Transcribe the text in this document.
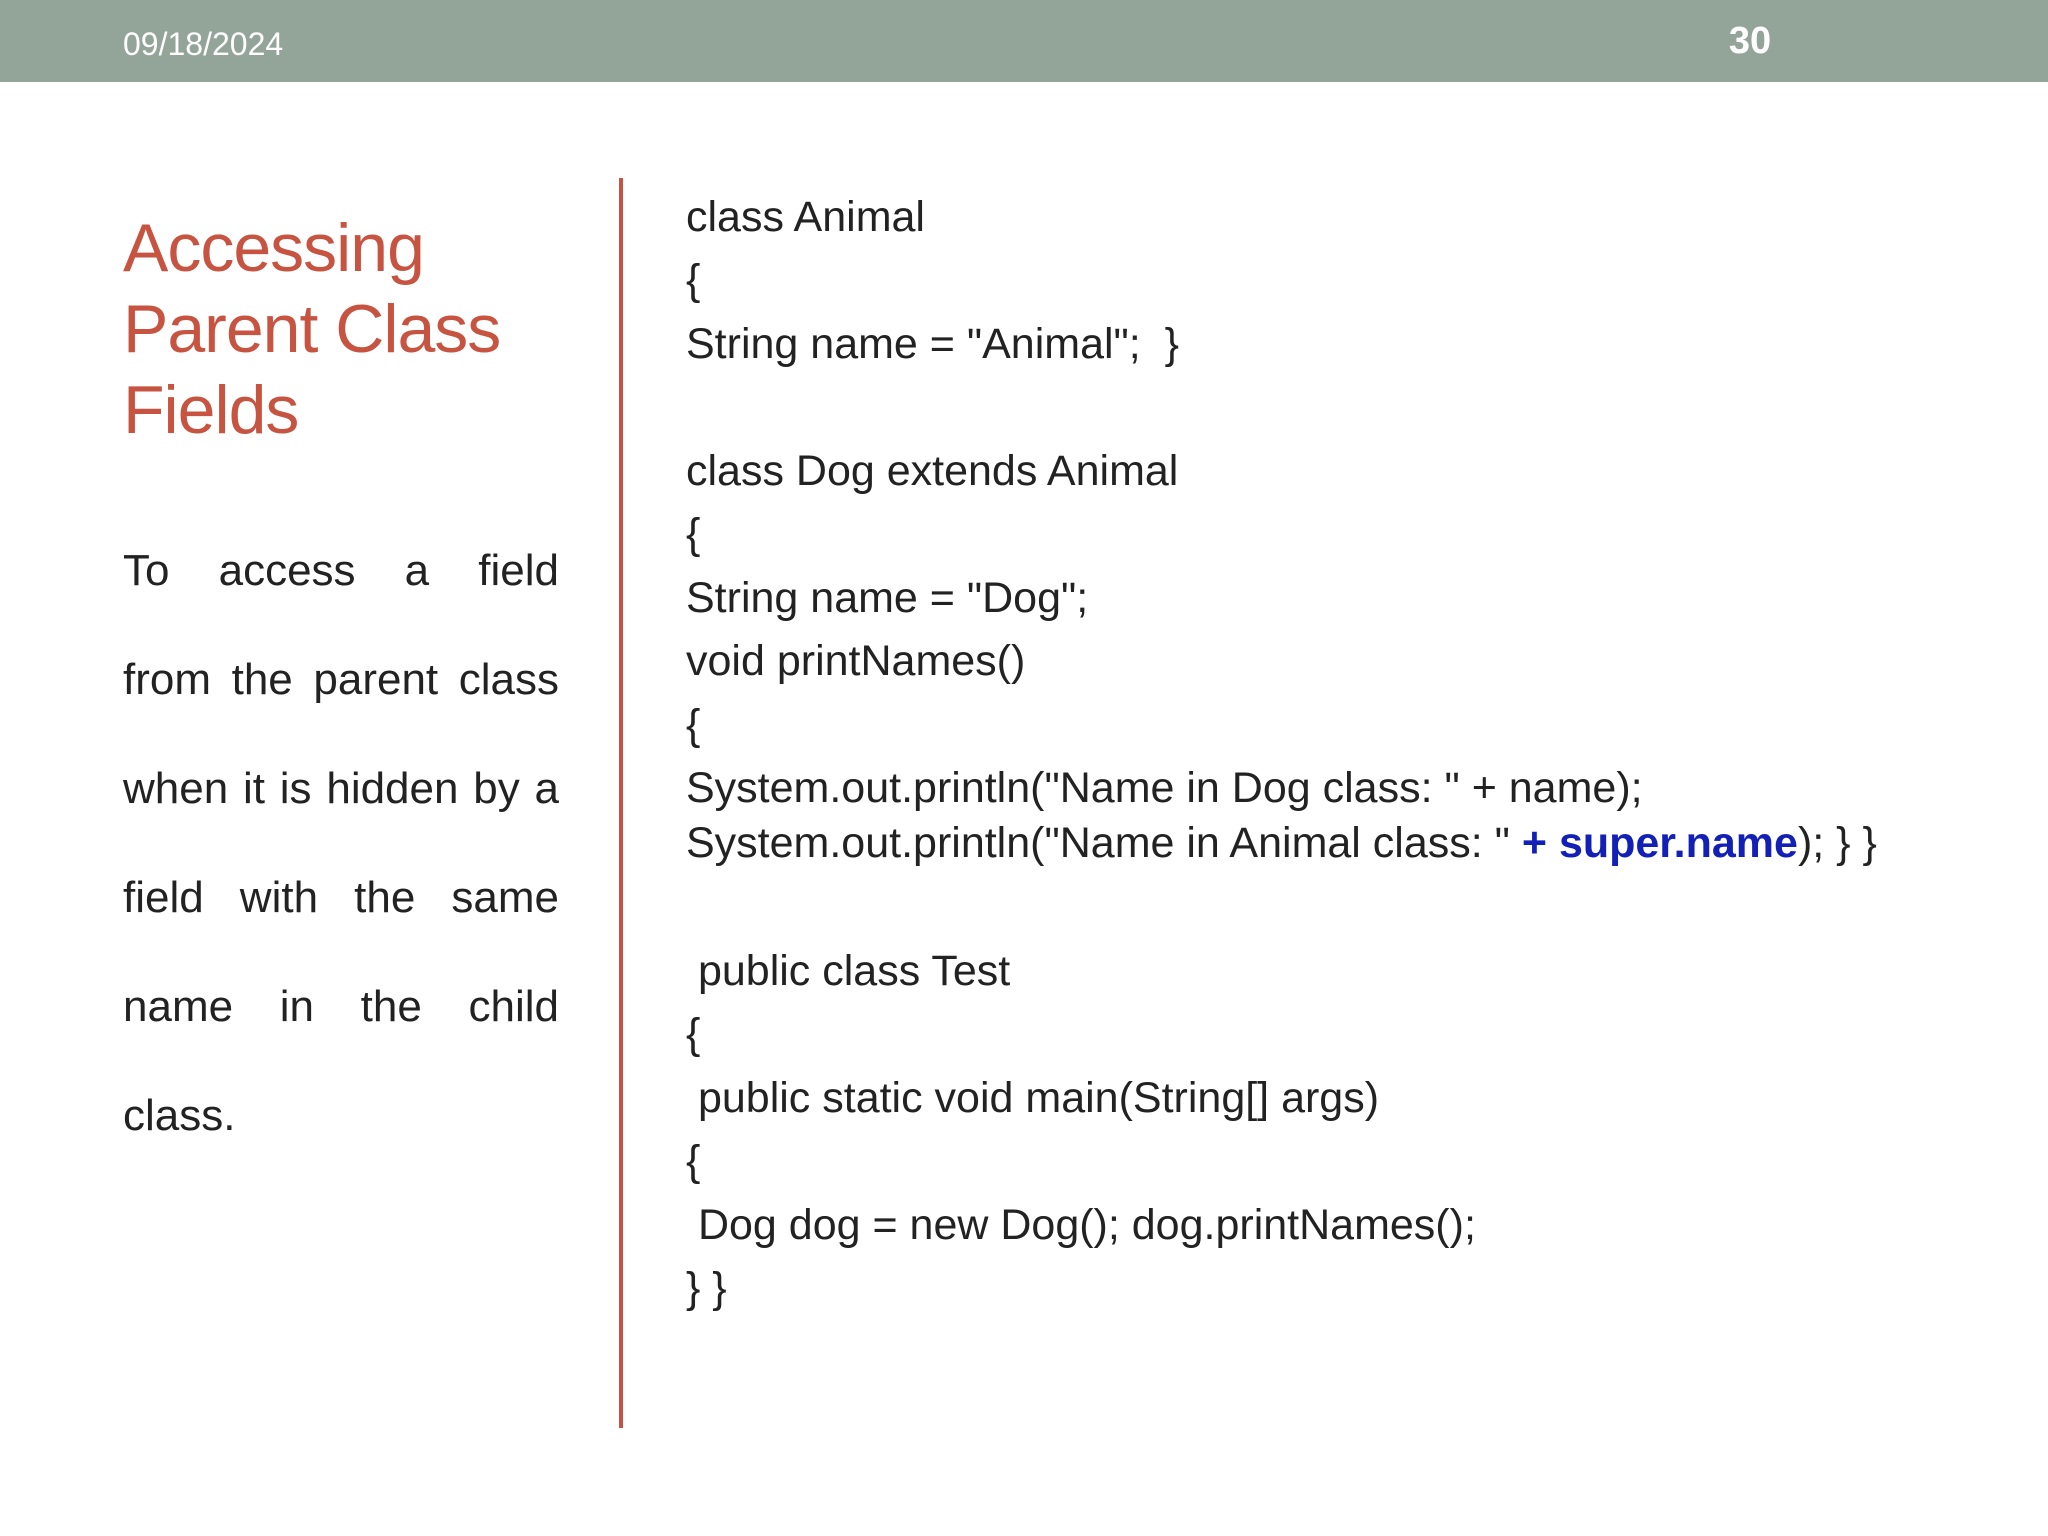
09/18/2024	30
Accessing
Parent Class
Fields
To access a field
from the parent class
when it is hidden by a
field with the same
name in the child
class.
class Animal
{
String name = "Animal";  }
class Dog extends Animal
{
String name = "Dog";
void printNames()
{
System.out.println("Name in Dog class: " + name);
System.out.println("Name in Animal class: " + super.name); } }
public class Test
{
public static void main(String[] args)
{
Dog dog = new Dog(); dog.printNames();
} }
